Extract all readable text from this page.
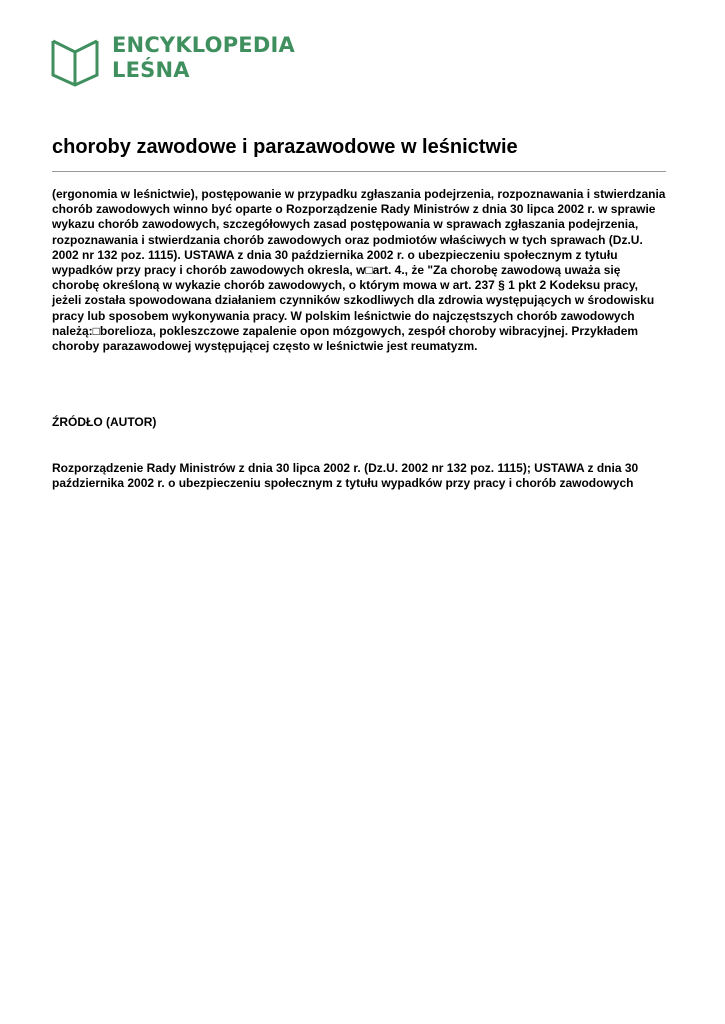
ENCYKLOPEDIA
LEŚNA
choroby zawodowe i parazawodowe w leśnictwie

(ergonomia w leśnictwie), postępowanie w przypadku zgłaszania podejrzenia, rozpoznawania i stwierdzania chorób zawodowych winno być oparte o Rozporządzenie Rady Ministrów z dnia 30 lipca 2002 r. w sprawie wykazu chorób zawodowych, szczegółowych zasad postępowania w sprawach zgłaszania podejrzenia, rozpoznawania i stwierdzania chorób zawodowych oraz podmiotów właściwych w tych sprawach (Dz.U. 2002 nr 132 poz. 1115). USTAWA z dnia 30 października 2002 r. o ubezpieczeniu społecznym z tytułu wypadków przy pracy i chorób zawodowych okresla, w□art. 4., że "Za chorobę zawodową uważa się chorobę określoną w wykazie chorób zawodowych, o którym mowa w art. 237 § 1 pkt 2 Kodeksu pracy, jeżeli została spowodowana działaniem czynników szkodliwych dla zdrowia występujących w środowisku pracy lub sposobem wykonywania pracy. W polskim leśnictwie do najczęstszych chorób zawodowych należą:□borelioza, pokleszczowe zapalenie opon mózgowych, zespół choroby wibracyjnej. Przykładem choroby parazawodowej występującej często w leśnictwie jest reumatyzm.

ŹRÓDŁO (AUTOR)

Rozporządzenie Rady Ministrów z dnia 30 lipca 2002 r. (Dz.U. 2002 nr 132 poz. 1115); USTAWA z dnia 30 października 2002 r. o ubezpieczeniu społecznym z tytułu wypadków przy pracy i chorób zawodowych
